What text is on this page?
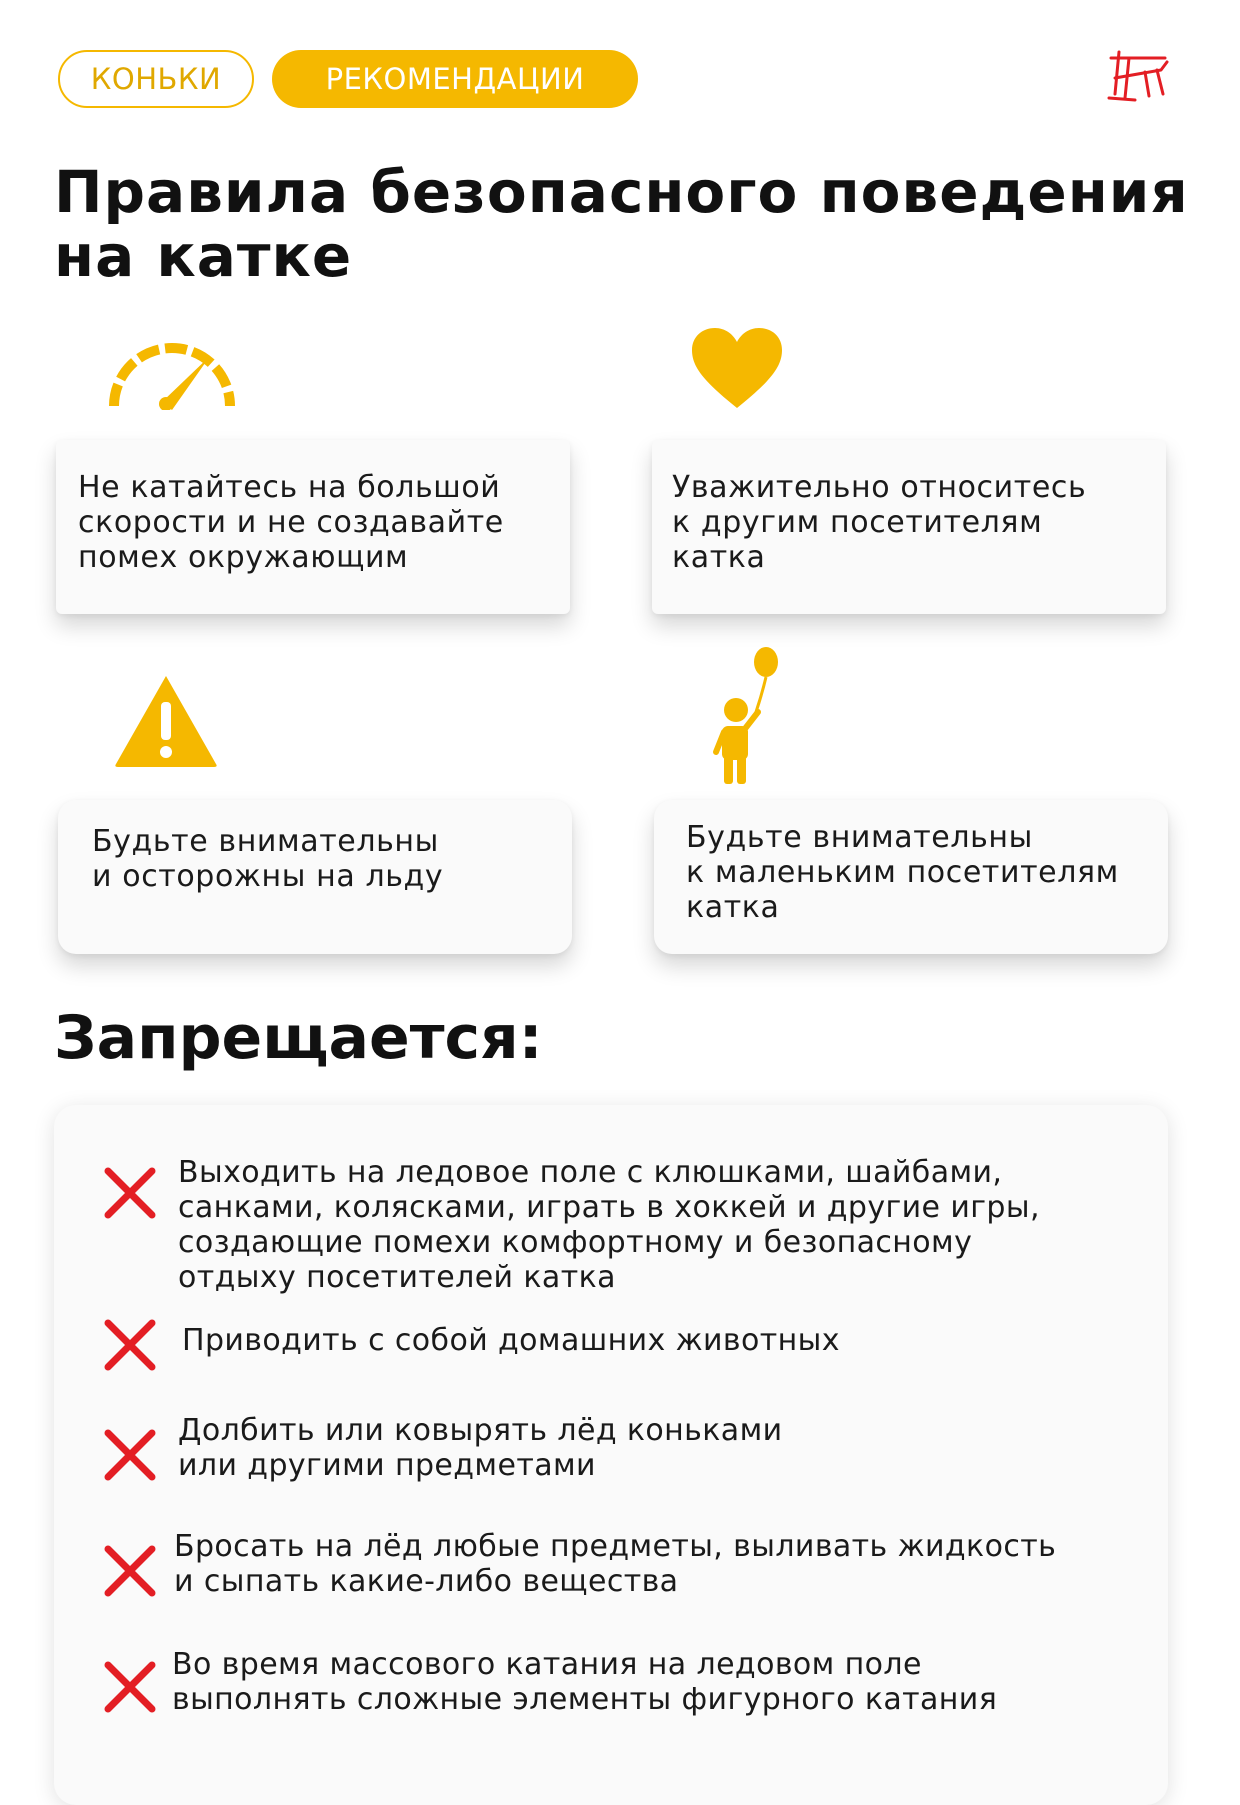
КОНЬКИ	РЕКОМЕНДАЦИИ
Правила безопасного поведения
на катке
Не катайтесь на большой
скорости и не создавайте
помех окружающим
Уважительно относитесь
к другим посетителям
катка
Будьте внимательны
и осторожны на льду
Будьте внимательны
к маленьким посетителям
катка
Запрещается:
Выходить на ледовое поле с клюшками, шайбами,
санками, колясками, играть в хоккей и другие игры,
создающие помехи комфортному и безопасному
отдыху посетителей катка
Приводить с собой домашних животных
Долбить или ковырять лёд коньками
или другими предметами
Бросать на лёд любые предметы, выливать жидкость
и сыпать какие-либо вещества
Во время массового катания на ледовом поле
выполнять сложные элементы фигурного катания
